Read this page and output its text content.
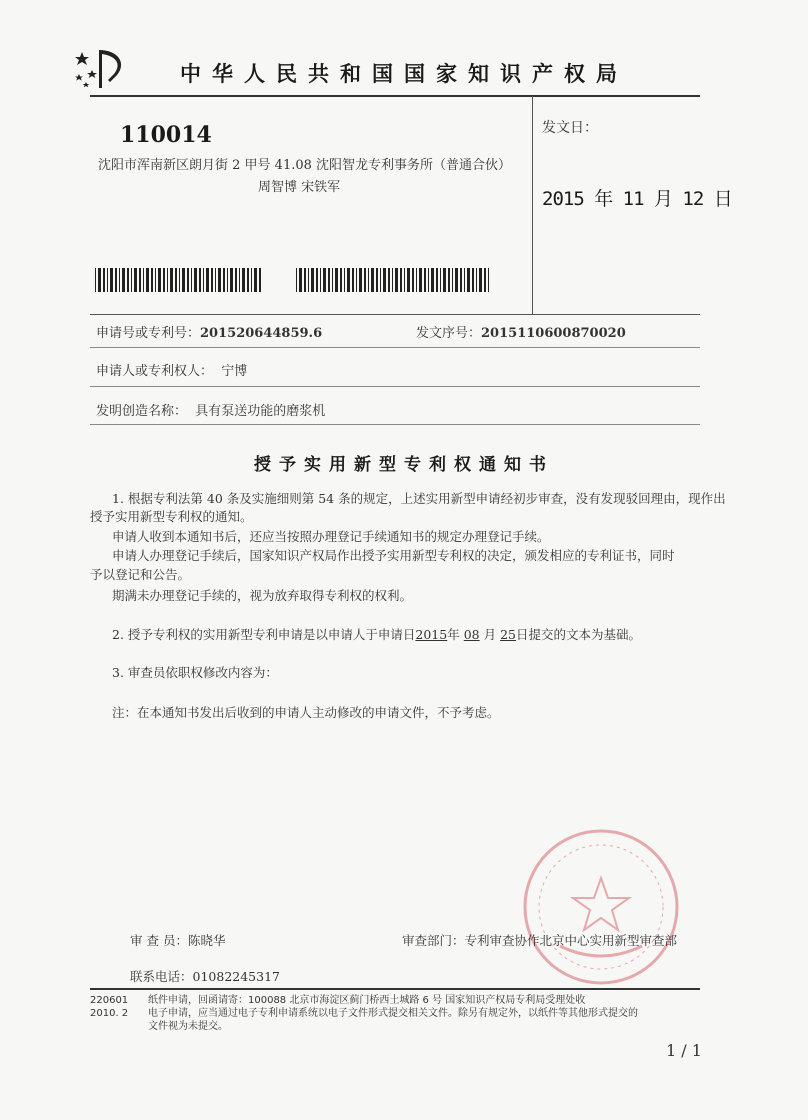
中华人民共和国国家知识产权局
110014
沈阳市浑南新区朗月街 2 甲号 41.08 沈阳智龙专利事务所（普通合伙）
周智博 宋铁军
发文日：
2015 年 11 月 12 日
申请号或专利号：201520644859.6	发文序号：2015110600870020
申请人或专利权人： 宁博
发明创造名称： 具有泵送功能的磨浆机
授予实用新型专利权通知书
1. 根据专利法第 40 条及实施细则第 54 条的规定，上述实用新型申请经初步审查，没有发现驳回理由，现作出
授予实用新型专利权的通知。
申请人收到本通知书后，还应当按照办理登记手续通知书的规定办理登记手续。
申请人办理登记手续后，国家知识产权局作出授予实用新型专利权的决定，颁发相应的专利证书，同时
予以登记和公告。
期满未办理登记手续的，视为放弃取得专利权的权利。
2. 授予专利权的实用新型专利申请是以申请人于申请日2015年 08 月 25日提交的文本为基础。
3. 审查员依职权修改内容为：
注：在本通知书发出后收到的申请人主动修改的申请文件，不予考虑。
审 查 员：陈晓华	审查部门：专利审查协作北京中心实用新型审查部
联系电话：01082245317
220601
2010. 2
纸件申请，回函请寄：100088 北京市海淀区蓟门桥西土城路 6 号 国家知识产权局专利局受理处收
电子申请，应当通过电子专利申请系统以电子文件形式提交相关文件。除另有规定外，以纸件等其他形式提交的
文件视为未提交。
1 / 1
